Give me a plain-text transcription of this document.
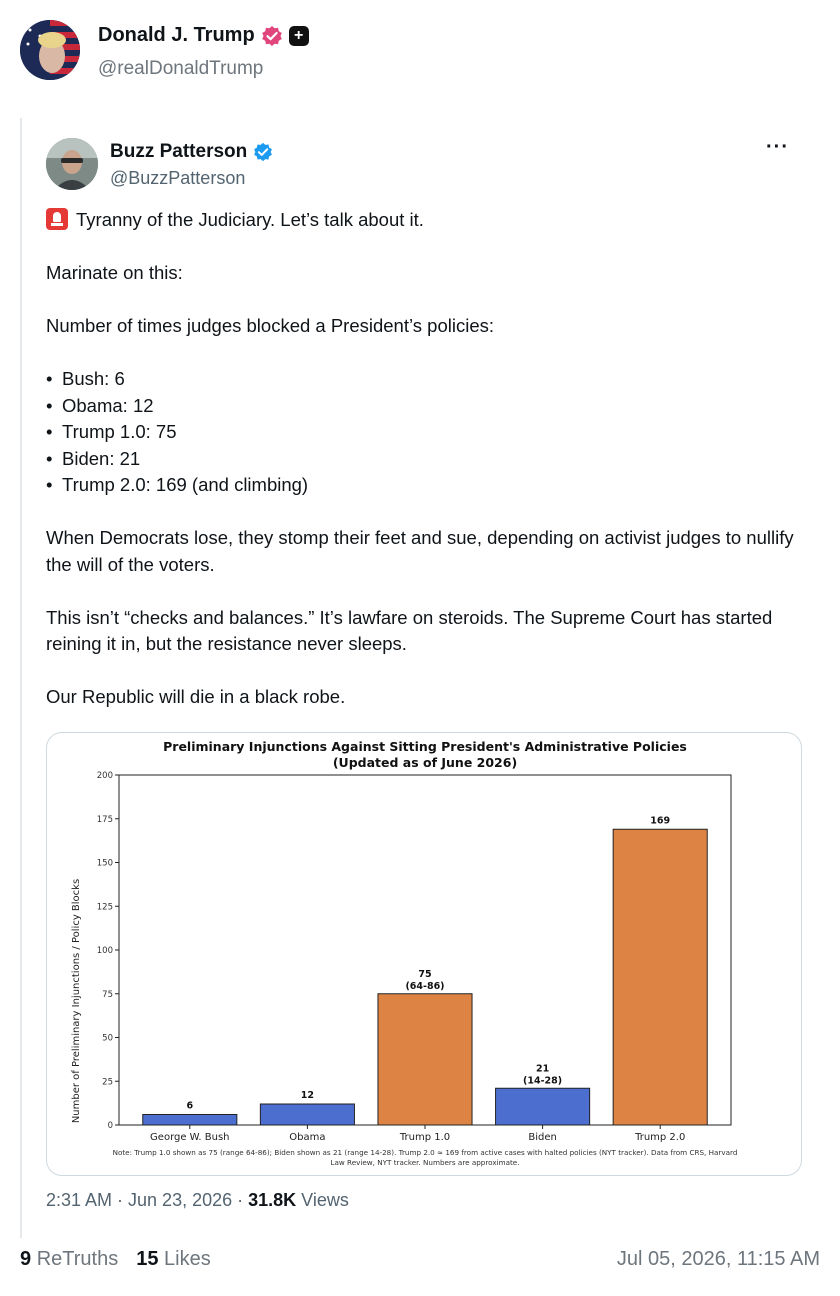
Donald J. Trump	+
@realDonaldTrump
Buzz Patterson
@BuzzPatterson
···

Tyranny of the Judiciary. Let’s talk about it.

Marinate on this:

Number of times judges blocked a President’s policies:

• Bush: 6
• Obama: 12
• Trump 1.0: 75
• Biden: 21
• Trump 2.0: 169 (and climbing)

When Democrats lose, they stomp their feet and sue, depending on activist judges to nullify the will of the voters.

This isn’t “checks and balances.” It’s lawfare on steroids. The Supreme Court has started reining it in, but the resistance never sleeps.

Our Republic will die in a black robe.

Preliminary Injunctions Against Sitting President's Administrative Policies
(Updated as of June 2026)
0
25
50
75
100
125
150
175
200
George W. Bush
6
Obama
12
Trump 1.0
75
(64-86)
Biden
21
(14-28)
Trump 2.0
169
Number of Preliminary Injunctions / Policy Blocks
Note: Trump 1.0 shown as 75 (range 64-86); Biden shown as 21 (range 14-28). Trump 2.0 ≈ 169 from active cases with halted policies (NYT tracker). Data from CRS, Harvard
Law Review, NYT tracker. Numbers are approximate.
2:31 AM · Jun 23, 2026 · 31.8K Views
9 ReTruths 15 Likes	Jul 05, 2026, 11:15 AM
